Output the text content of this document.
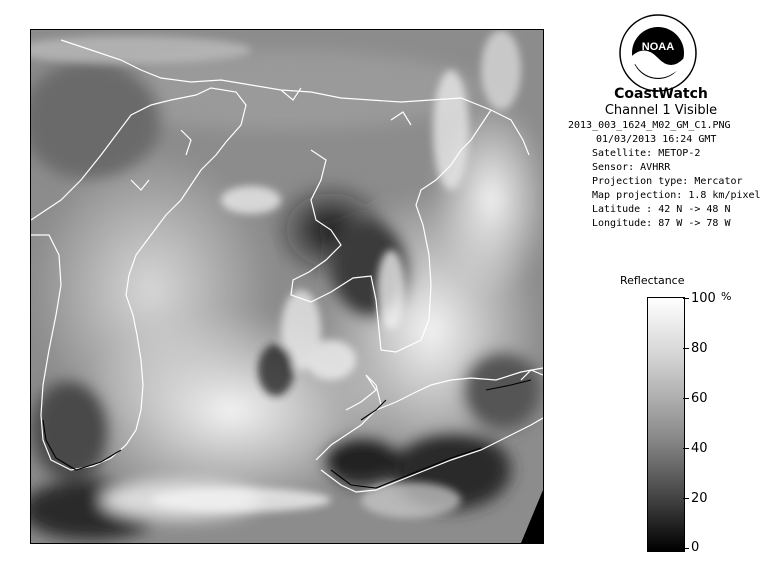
NOAA
CoastWatch
Channel 1 Visible
2013_003_1624_M02_GM_C1.PNG
01/03/2013 16:24 GMT
Satellite: METOP-2
Sensor: AVHRR
Projection type: Mercator
Map projection: 1.8 km/pixel
Latitude : 42 N -> 48 N
Longitude: 87 W -> 78 W
Reflectance
%
100
80
60
40
20
0
